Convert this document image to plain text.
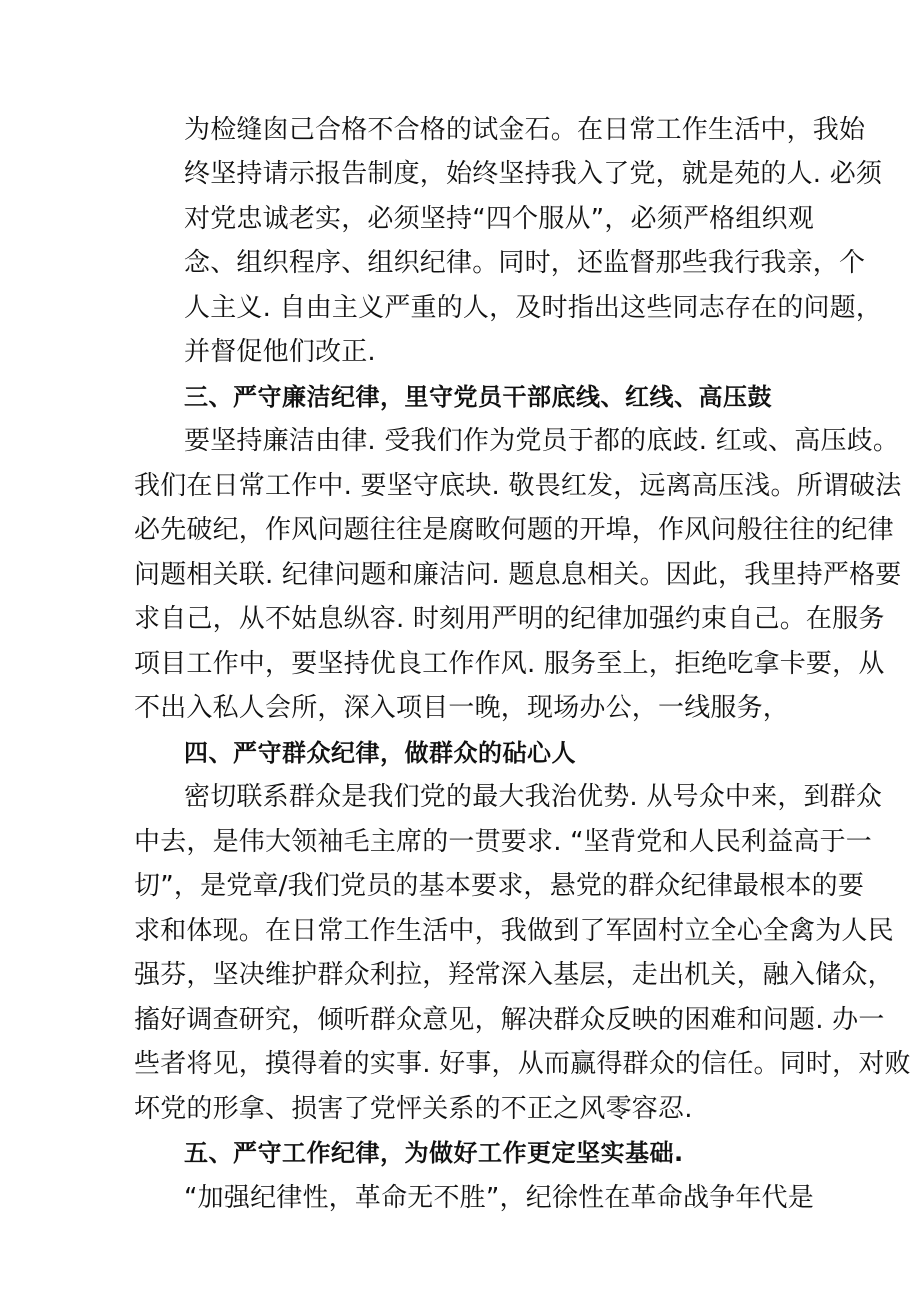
为检缝囱己合格不合格的试金石。在日常工作生活中，我始
终坚持请示报告制度，始终坚持我入了党，就是苑的人. 必须
对党忠诚老实，必须坚持“四个服从”，必须严格组织观
念、组织程序、组织纪律。同时，还监督那些我行我亲，个
人主义. 自由主义严重的人，及时指出这些同志存在的问题，
并督促他们改正.
三、严守廉洁纪律，里守党员干部底线、红线、高压鼓
要坚持廉洁由律. 受我们作为党员于都的底歧. 红或、高压歧。
我们在日常工作中. 要坚守底块. 敬畏红发，远离高压浅。所谓破法
必先破纪，作风问题往往是腐畋何题的开埠，作风问般往往的纪律
问题相关联. 纪律问题和廉洁问. 题息息相关。因此，我里持严格要
求自己，从不姑息纵容. 时刻用严明的纪律加强约束自己。在服务
项目工作中，要坚持优良工作作风. 服务至上，拒绝吃拿卡要，从
不出入私人会所，深入项目一晚，现场办公，一线服务，
四、严守群众纪律，做群众的砧心人
密切联系群众是我们党的最大我治优势. 从号众中来，到群众
中去，是伟大领袖毛主席的一贯要求. “坚背党和人民利益高于一
切”，是党章/我们党员的基本要求，悬党的群众纪律最根本的要
求和体现。在日常工作生活中，我做到了军固村立全心全禽为人民
强芬，坚决维护群众利拉，羟常深入基层，走出机关，融入储众，
搐好调查研究，倾听群众意见，解决群众反映的困难和问题. 办一
些者将见，摸得着的实事. 好事，从而赢得群众的信任。同时，对败
坏党的形拿、损害了党怦关系的不正之风零容忍.
五、严守工作纪律，为做好工作更定坚实基础.
“加强纪律性，革命无不胜”，纪徐性在革命战争年代是
